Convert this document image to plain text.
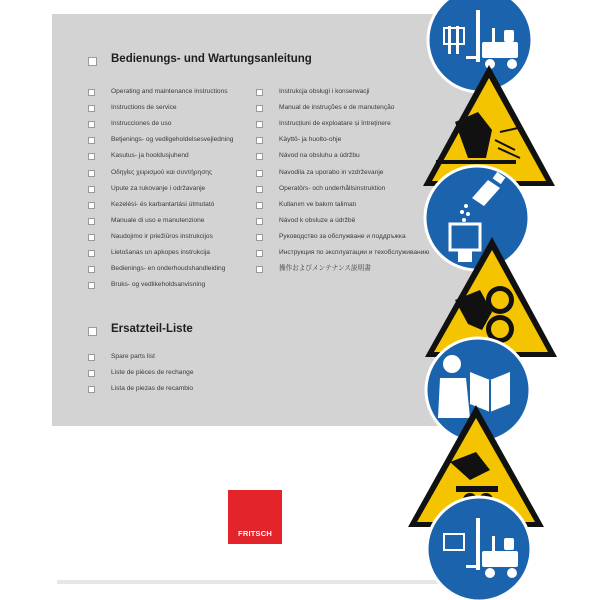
Bedienungs- und Wartungsanleitung
Operating and maintenance instructions
Instructions de service
Instrucciones de uso
Betjenings- og vedligeholdelsesvejledning
Kasutus- ja hooldusjuhend
Οδηγίες χειρισμού και συντήρησης
Upute za rukovanje i održavanje
Kezelési- és karbantartási útmutató
Manuale di uso e manutenzione
Naudojimo ir priežiūros instrukcijos
Lietošanas un apkopes instrukcija
Bedienings- en onderhoudshandleiding
Bruks- og vedlikeholdsanvisning
Instrukcja obsługi i konserwacji
Manual de instruções e de manutenção
Instrucțiuni de exploatare și întreținere
Käyttö- ja huolto-ohje
Návod na obsluhu a údržbu
Navodila za uporabo in vzdrževanje
Operatörs- och underhållsinstruktion
Kullanım ve bakım talimatı
Návod k obsluze a údržbě
Руководство за обслужване и поддръжка
Инструкция по эксплуатации и техобслуживанию
操作およびメンテナンス説明書
Ersatzteil-Liste
Spare parts list
Liste de pièces de rechange
Lista de piezas de recambio
FRITSCH
